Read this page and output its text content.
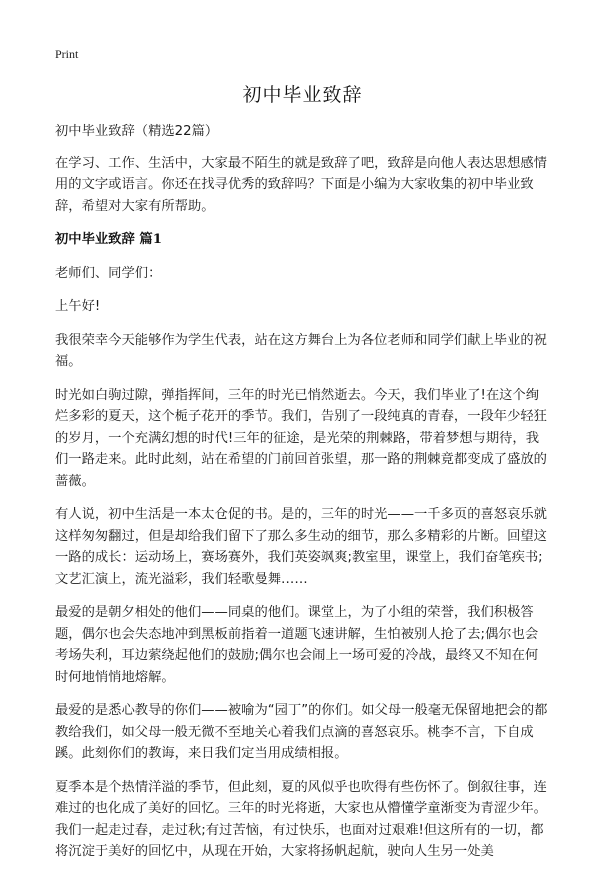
Print
初中毕业致辞

初中毕业致辞（精选22篇）

在学习、工作、生活中，大家最不陌生的就是致辞了吧，致辞是向他人表达思想感情用的文字或语言。你还在找寻优秀的致辞吗？下面是小编为大家收集的初中毕业致辞，希望对大家有所帮助。

初中毕业致辞 篇1

老师们、同学们：

上午好!

我很荣幸今天能够作为学生代表，站在这方舞台上为各位老师和同学们献上毕业的祝福。

时光如白驹过隙，弹指挥间，三年的时光已悄然逝去。今天，我们毕业了!在这个绚烂多彩的夏天，这个栀子花开的季节。我们，告别了一段纯真的青春，一段年少轻狂的岁月，一个充满幻想的时代!三年的征途，是光荣的荆棘路，带着梦想与期待，我们一路走来。此时此刻，站在希望的门前回首张望，那一路的荆棘竟都变成了盛放的蔷薇。

有人说，初中生活是一本太仓促的书。是的，三年的时光——一千多页的喜怒哀乐就这样匆匆翻过，但是却给我们留下了那么多生动的细节，那么多精彩的片断。回望这一路的成长：运动场上，赛场赛外，我们英姿飒爽;教室里，课堂上，我们奋笔疾书;文艺汇演上，流光溢彩，我们轻歌曼舞……

最爱的是朝夕相处的他们——同桌的他们。课堂上，为了小组的荣誉，我们积极答题，偶尔也会失态地冲到黑板前指着一道题飞速讲解，生怕被别人抢了去;偶尔也会考场失利，耳边萦绕起他们的鼓励;偶尔也会闹上一场可爱的冷战，最终又不知在何时何地悄悄地熔解。

最爱的是悉心教导的你们——被喻为“园丁”的你们。如父母一般毫无保留地把会的都教给我们，如父母一般无微不至地关心着我们点滴的喜怒哀乐。桃李不言，下自成蹊。此刻你们的教诲，来日我们定当用成绩相报。

夏季本是个热情洋溢的季节，但此刻，夏的风似乎也吹得有些伤怀了。倒叙往事，连难过的也化成了美好的回忆。三年的时光将逝，大家也从懵懂学童渐变为青涩少年。我们一起走过春，走过秋;有过苦恼，有过快乐，也面对过艰难!但这所有的一切，都将沉淀于美好的回忆中，从现在开始，大家将扬帆起航，驶向人生另一处美
